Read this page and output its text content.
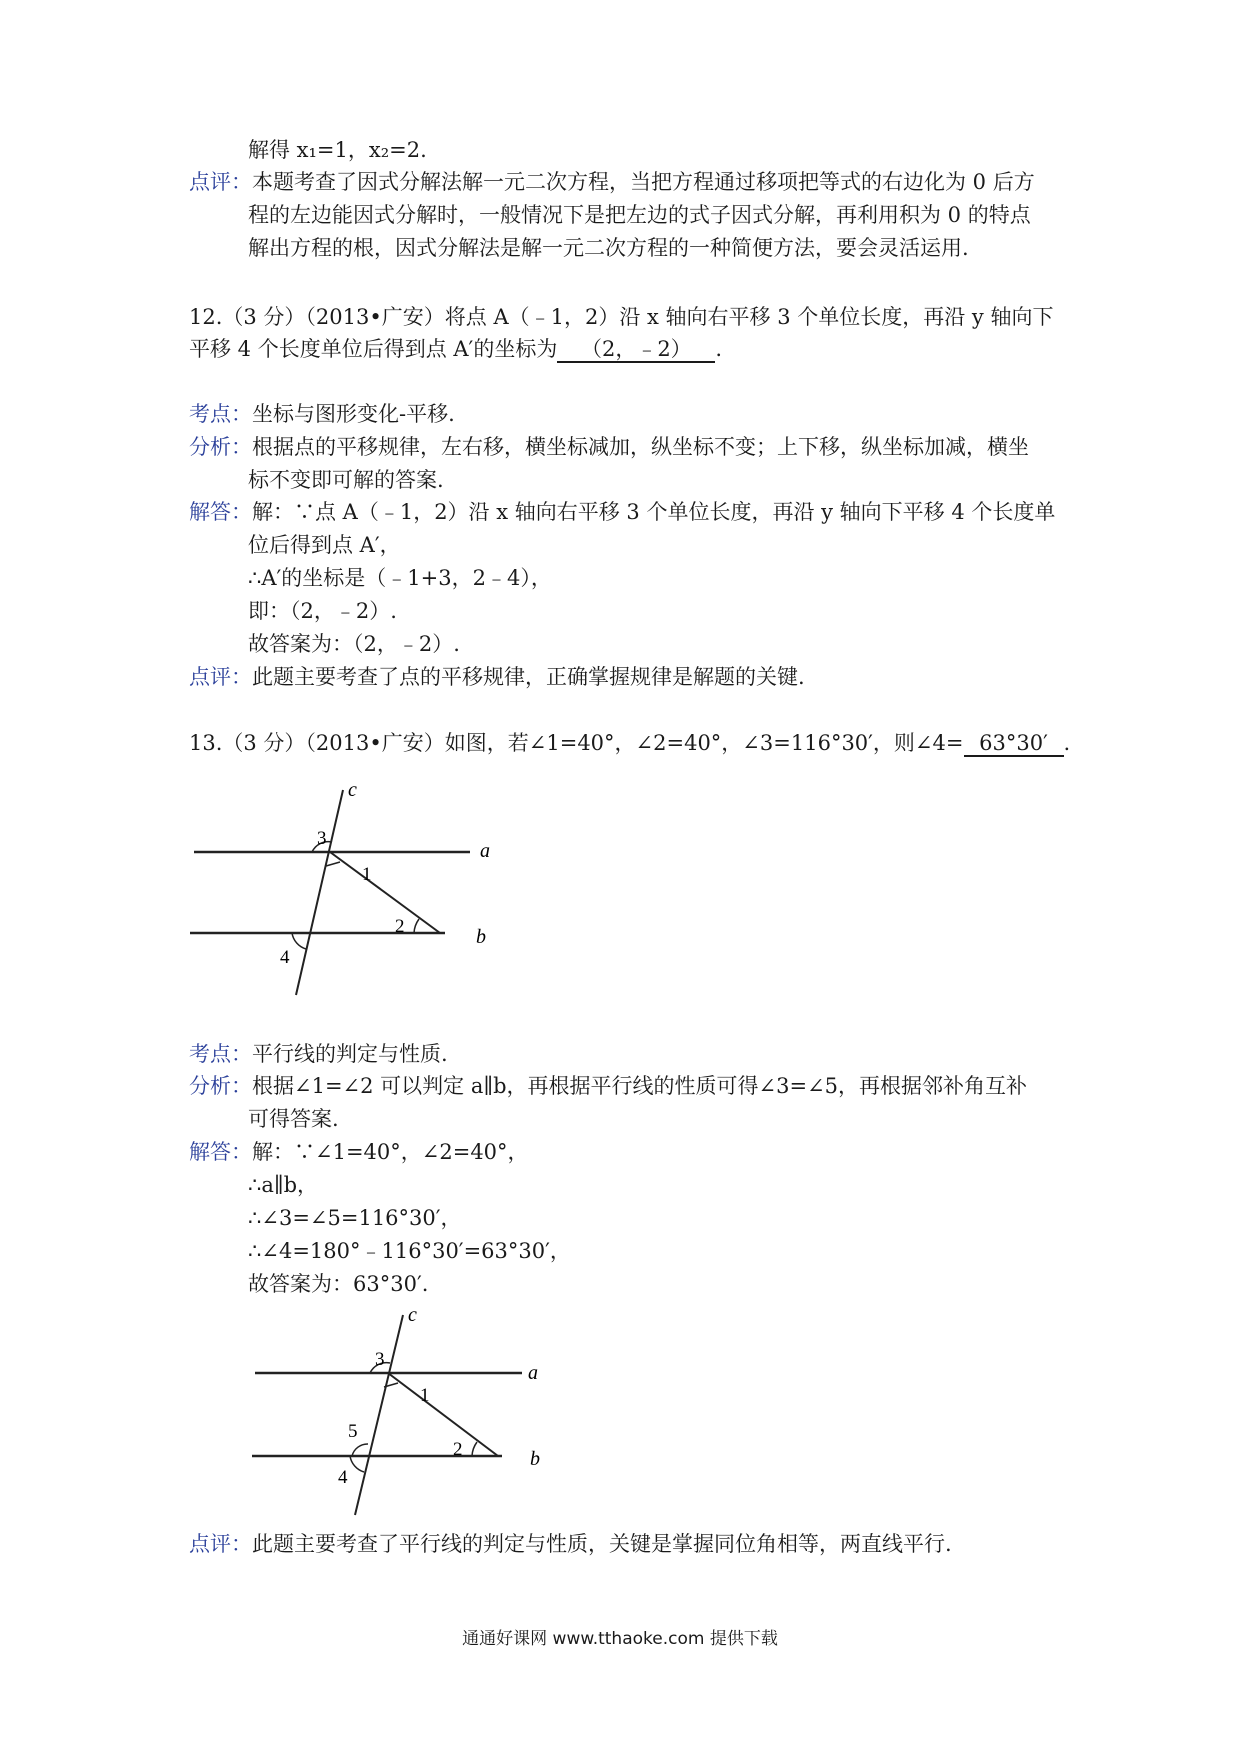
解得 x₁=1，x₂=2.
点评：本题考查了因式分解法解一元二次方程，当把方程通过移项把等式的右边化为 0 后方
程的左边能因式分解时，一般情况下是把左边的式子因式分解，再利用积为 0 的特点
解出方程的根，因式分解法是解一元二次方程的一种简便方法，要会灵活运用.
12.（3 分）（2013•广安）将点 A（﹣1，2）沿 x 轴向右平移 3 个单位长度，再沿 y 轴向下
平移 4 个长度单位后得到点 A′的坐标为 （2，﹣2） .
考点：坐标与图形变化-平移.
分析：根据点的平移规律，左右移，横坐标减加，纵坐标不变；上下移，纵坐标加减，横坐
标不变即可解的答案.
解答：解：∵点 A（﹣1，2）沿 x 轴向右平移 3 个单位长度，再沿 y 轴向下平移 4 个长度单
位后得到点 A′，
∴A′的坐标是（﹣1+3，2﹣4），
即：（2，﹣2）.
故答案为：（2，﹣2）.
点评：此题主要考查了点的平移规律，正确掌握规律是解题的关键.
13.（3 分）（2013•广安）如图，若∠1=40°，∠2=40°，∠3=116°30′，则∠4= 63°30′ .
c
a
b
3
1
2
4
考点：平行线的判定与性质.
分析：根据∠1=∠2 可以判定 a∥b，再根据平行线的性质可得∠3=∠5，再根据邻补角互补
可得答案.
解答：解：∵∠1=40°，∠2=40°，
∴a∥b，
∴∠3=∠5=116°30′，
∴∠4=180°﹣116°30′=63°30′，
故答案为：63°30′.
c
a
b
3
1
2
5
4
点评：此题主要考查了平行线的判定与性质，关键是掌握同位角相等，两直线平行.
通通好课网 www.tthaoke.com 提供下载
